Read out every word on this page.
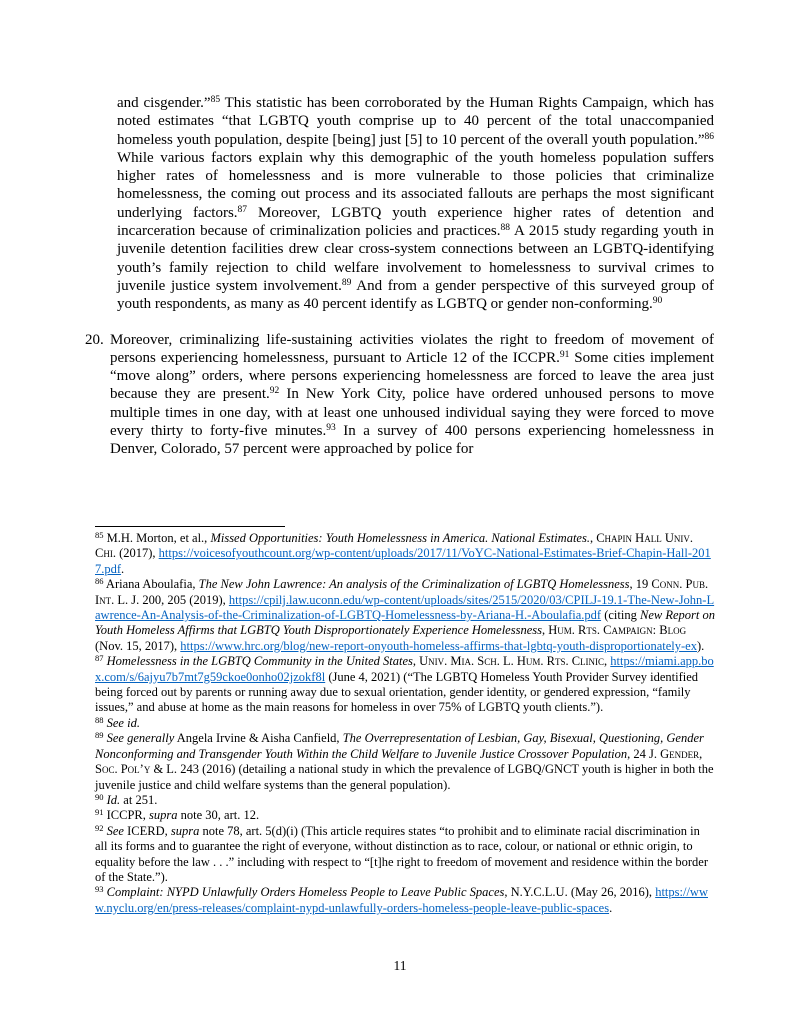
and cisgender.”$^{85}$ This statistic has been corroborated by the Human Rights Campaign, which has noted estimates “that LGBTQ youth comprise up to 40 percent of the total unaccompanied homeless youth population, despite [being] just [5] to 10 percent of the overall youth population.”$^{86}$ While various factors explain why this demographic of the youth homeless population suffers higher rates of homelessness and is more vulnerable to those policies that criminalize homelessness, the coming out process and its associated fallouts are perhaps the most significant underlying factors.$^{87}$ Moreover, LGBTQ youth experience higher rates of detention and incarceration because of criminalization policies and practices.$^{88}$ A 2015 study regarding youth in juvenile detention facilities drew clear cross-system connections between an LGBTQ-identifying youth’s family rejection to child welfare involvement to homelessness to survival crimes to juvenile justice system involvement.$^{89}$ And from a gender perspective of this surveyed group of youth respondents, as many as 40 percent identify as LGBTQ or gender non-conforming.$^{90}$

20. Moreover, criminalizing life-sustaining activities violates the right to freedom of movement of persons experiencing homelessness, pursuant to Article 12 of the ICCPR.$^{91}$ Some cities implement “move along” orders, where persons experiencing homelessness are forced to leave the area just because they are present.$^{92}$ In New York City, police have ordered unhoused persons to move multiple times in one day, with at least one unhoused individual saying they were forced to move every thirty to forty-five minutes.$^{93}$ In a survey of 400 persons experiencing homelessness in Denver, Colorado, 57 percent were approached by police for

$^{85}$ M.H. Morton, et al., Missed Opportunities: Youth Homelessness in America. National Estimates., Chapin Hall Univ. Chi. (2017), https://voicesofyouthcount.org/wp-content/uploads/2017/11/VoYC-National-Estimates-Brief-Chapin-Hall-2017.pdf.

$^{86}$ Ariana Aboulafia, The New John Lawrence: An analysis of the Criminalization of LGBTQ Homelessness, 19 Conn. Pub. Int. L. J. 200, 205 (2019), https://cpilj.law.uconn.edu/wp-content/uploads/sites/2515/2020/03/CPILJ-19.1-The-New-John-Lawrence-An-Analysis-of-the-Criminalization-of-LGBTQ-Homelessness-by-Ariana-H.-Aboulafia.pdf (citing New Report on Youth Homeless Affirms that LGBTQ Youth Disproportionately Experience Homelessness, Hum. Rts. Campaign: Blog (Nov. 15, 2017), https://www.hrc.org/blog/new-report-onyouth-homeless-affirms-that-lgbtq-youth-disproportionately-ex).

$^{87}$ Homelessness in the LGBTQ Community in the United States, Univ. Mia. Sch. L. Hum. Rts. Clinic, https://miami.app.box.com/s/6ajyu7b7mt7g59ckoe0onho02jzokf8l (June 4, 2021) (“The LGBTQ Homeless Youth Provider Survey identified being forced out by parents or running away due to sexual orientation, gender identity, or gendered expression, “family issues,” and abuse at home as the main reasons for homeless in over 75% of LGBTQ youth clients.”).

$^{88}$ See id.

$^{89}$ See generally Angela Irvine & Aisha Canfield, The Overrepresentation of Lesbian, Gay, Bisexual, Questioning, Gender Nonconforming and Transgender Youth Within the Child Welfare to Juvenile Justice Crossover Population, 24 J. Gender, Soc. Pol’y & L. 243 (2016) (detailing a national study in which the prevalence of LGBQ/GNCT youth is higher in both the juvenile justice and child welfare systems than the general population).

$^{90}$ Id. at 251.

$^{91}$ ICCPR, supra note 30, art. 12.

$^{92}$ See ICERD, supra note 78, art. 5(d)(i) (This article requires states “to prohibit and to eliminate racial discrimination in all its forms and to guarantee the right of everyone, without distinction as to race, colour, or national or ethnic origin, to equality before the law . . .” including with respect to “[t]he right to freedom of movement and residence within the border of the State.”).

$^{93}$ Complaint: NYPD Unlawfully Orders Homeless People to Leave Public Spaces, N.Y.C.L.U. (May 26, 2016), https://www.nyclu.org/en/press-releases/complaint-nypd-unlawfully-orders-homeless-people-leave-public-spaces.

11
